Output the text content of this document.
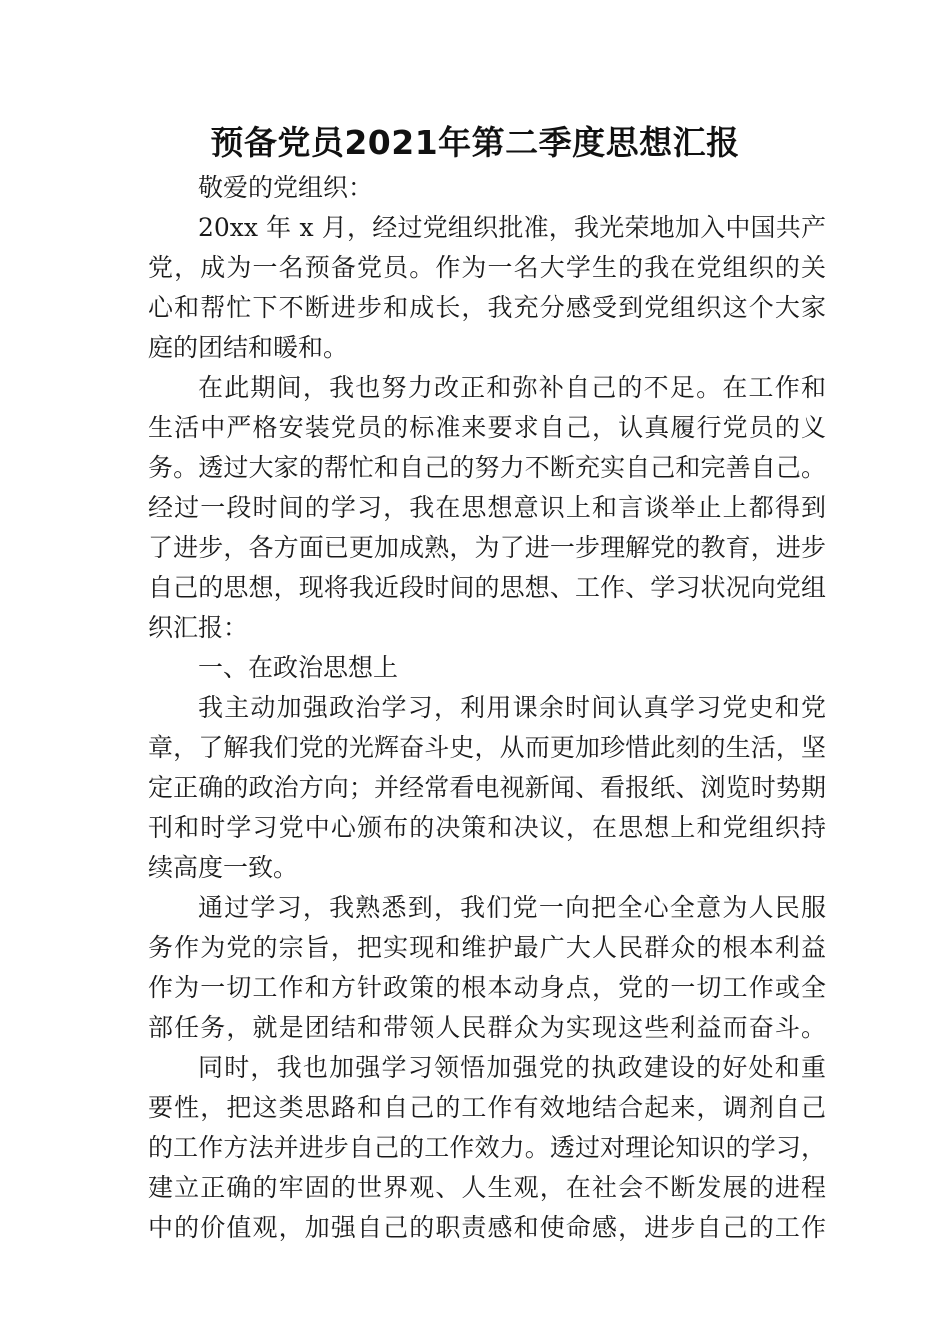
预备党员2021年第二季度思想汇报
敬爱的党组织：
20xx 年 x 月，经过党组织批准，我光荣地加入中国共产
党，成为一名预备党员。作为一名大学生的我在党组织的关
心和帮忙下不断进步和成长，我充分感受到党组织这个大家
庭的团结和暖和。
在此期间，我也努力改正和弥补自己的不足。在工作和
生活中严格安装党员的标准来要求自己，认真履行党员的义
务。透过大家的帮忙和自己的努力不断充实自己和完善自己。
经过一段时间的学习，我在思想意识上和言谈举止上都得到
了进步，各方面已更加成熟，为了进一步理解党的教育，进步
自己的思想，现将我近段时间的思想、工作、学习状况向党组
织汇报：
一、在政治思想上
我主动加强政治学习，利用课余时间认真学习党史和党
章，了解我们党的光辉奋斗史，从而更加珍惜此刻的生活，坚
定正确的政治方向；并经常看电视新闻、看报纸、浏览时势期
刊和时学习党中心颁布的决策和决议，在思想上和党组织持
续高度一致。
通过学习，我熟悉到，我们党一向把全心全意为人民服
务作为党的宗旨，把实现和维护最广大人民群众的根本利益
作为一切工作和方针政策的根本动身点，党的一切工作或全
部任务，就是团结和带领人民群众为实现这些利益而奋斗。
同时，我也加强学习领悟加强党的执政建设的好处和重
要性，把这类思路和自己的工作有效地结合起来，调剂自己
的工作方法并进步自己的工作效力。透过对理论知识的学习，
建立正确的牢固的世界观、人生观，在社会不断发展的进程
中的价值观，加强自己的职责感和使命感，进步自己的工作
